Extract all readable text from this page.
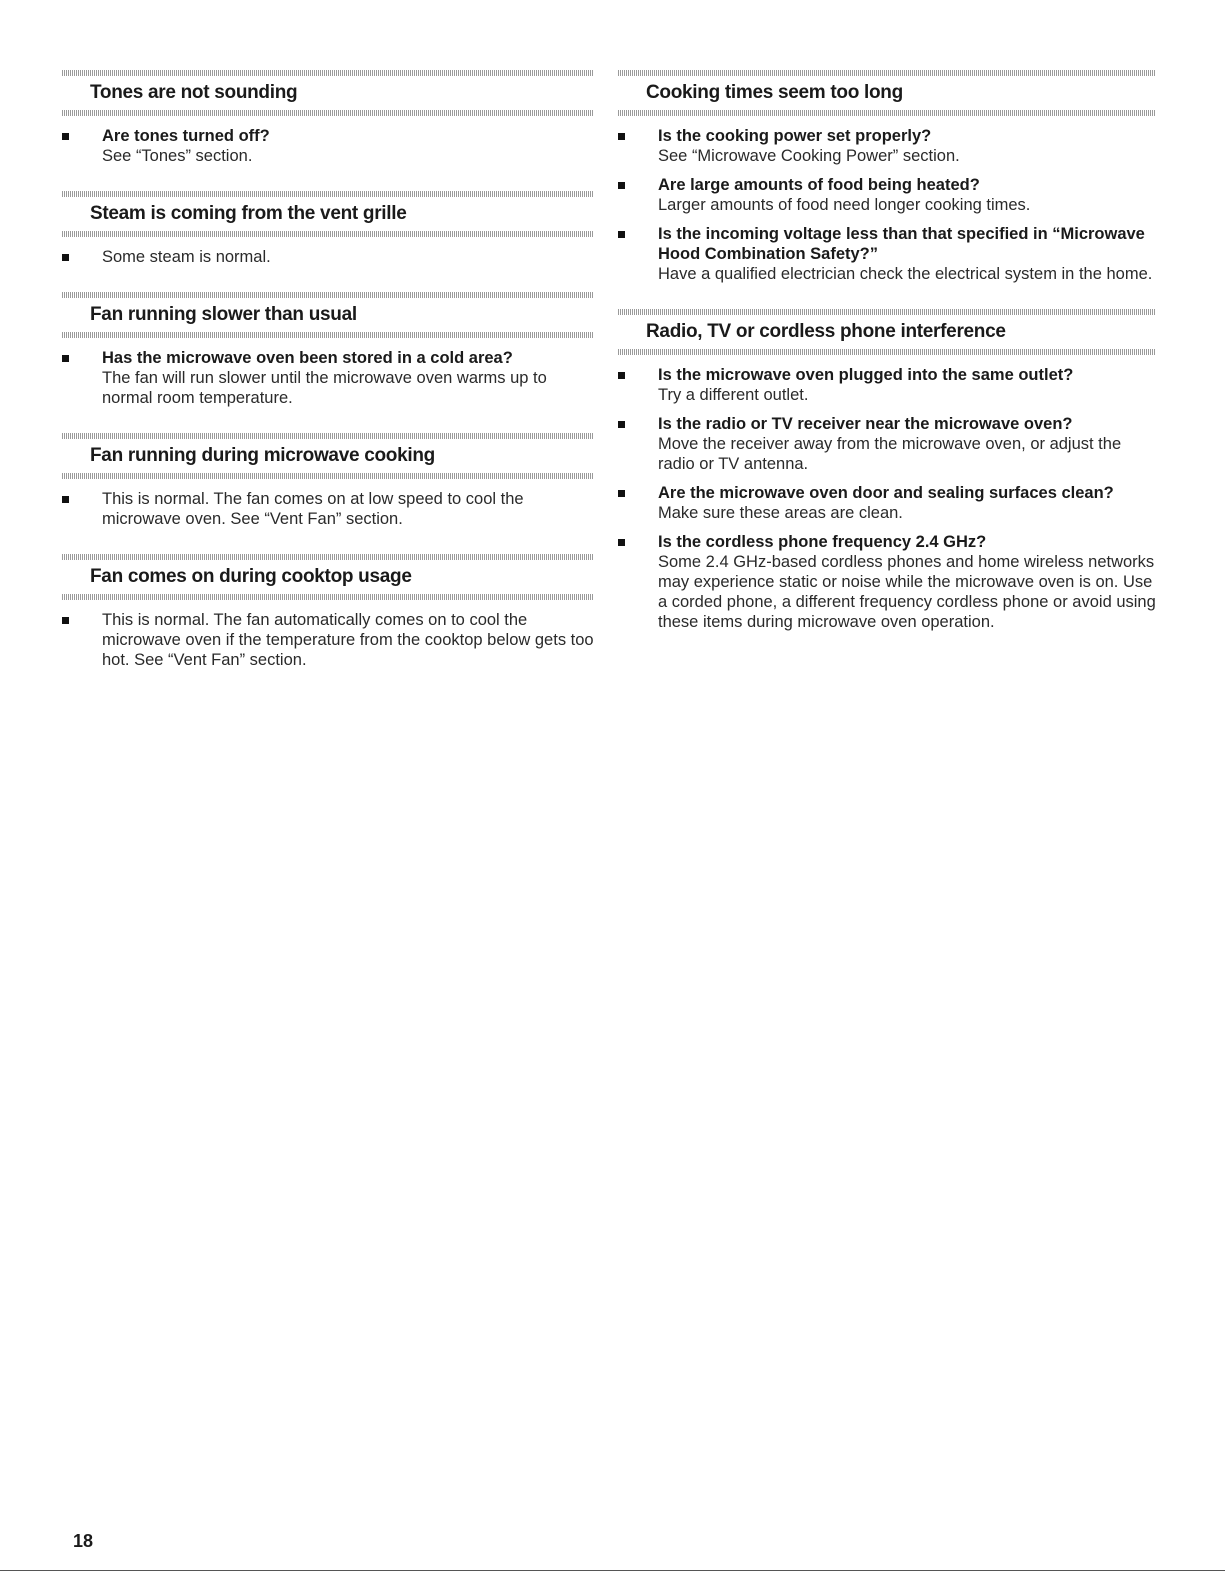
Tones are not sounding
Are tones turned off?
See “Tones” section.
Steam is coming from the vent grille
Some steam is normal.
Fan running slower than usual
Has the microwave oven been stored in a cold area?
The fan will run slower until the microwave oven warms up to normal room temperature.
Fan running during microwave cooking
This is normal. The fan comes on at low speed to cool the microwave oven. See “Vent Fan” section.
Fan comes on during cooktop usage
This is normal. The fan automatically comes on to cool the microwave oven if the temperature from the cooktop below gets too hot. See “Vent Fan” section.
Cooking times seem too long
Is the cooking power set properly?
See “Microwave Cooking Power” section.
Are large amounts of food being heated?
Larger amounts of food need longer cooking times.
Is the incoming voltage less than that specified in “Microwave Hood Combination Safety?”
Have a qualified electrician check the electrical system in the home.
Radio, TV or cordless phone interference
Is the microwave oven plugged into the same outlet?
Try a different outlet.
Is the radio or TV receiver near the microwave oven?
Move the receiver away from the microwave oven, or adjust the radio or TV antenna.
Are the microwave oven door and sealing surfaces clean?
Make sure these areas are clean.
Is the cordless phone frequency 2.4 GHz?
Some 2.4 GHz-based cordless phones and home wireless networks may experience static or noise while the microwave oven is on. Use a corded phone, a different frequency cordless phone or avoid using these items during microwave oven operation.
18
